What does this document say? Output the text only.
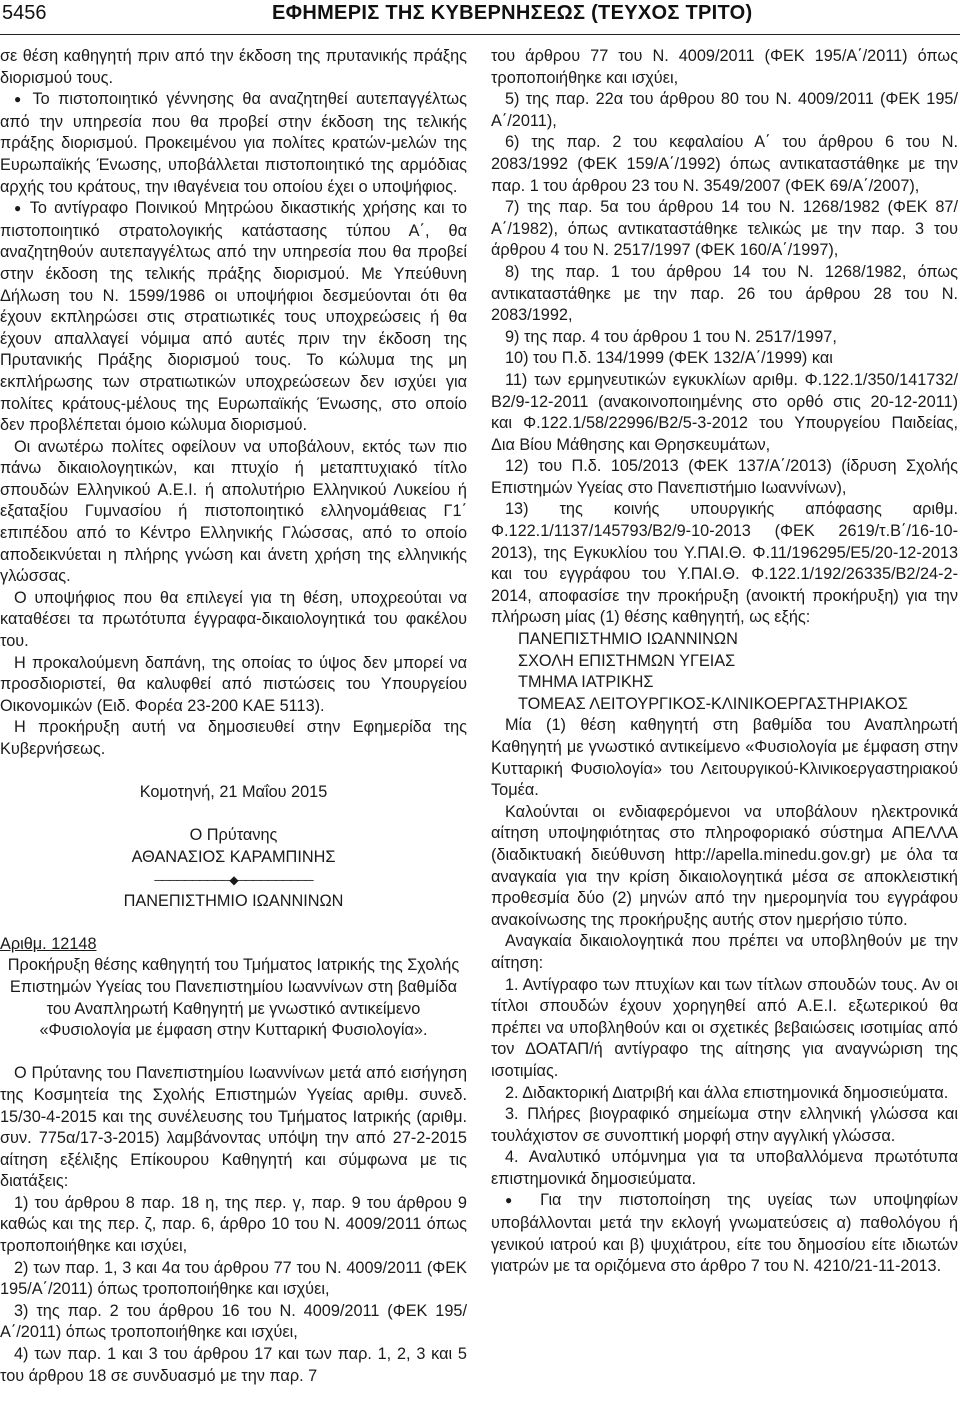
5456	ΕΦΗΜΕΡΙΣ ΤΗΣ ΚΥΒΕΡΝΗΣΕΩΣ (ΤΕΥΧΟΣ ΤΡΙΤΟ)

σε θέση καθηγητή πριν από την έκδοση της πρυτανικής πράξης διορισμού τους.

● Το πιστοποιητικό γέννησης θα αναζητηθεί αυτεπαγγέλτως από την υπηρεσία που θα προβεί στην έκδοση της τελικής πράξης διορισμού. Προκειμένου για πολίτες κρατών-μελών της Ευρωπαϊκής Ένωσης, υποβάλλεται πιστοποιητικό της αρμόδιας αρχής του κράτους, την ιθαγένεια του οποίου έχει ο υποψήφιος.

● Το αντίγραφο Ποινικού Μητρώου δικαστικής χρήσης και το πιστοποιητικό στρατολογικής κατάστασης τύπου Α΄, θα αναζητηθούν αυτεπαγγέλτως από την υπηρεσία που θα προβεί στην έκδοση της τελικής πράξης διορισμού. Με Υπεύθυνη Δήλωση του Ν. 1599/1986 οι υποψήφιοι δεσμεύονται ότι θα έχουν εκπληρώσει στις στρατιωτικές τους υποχρεώσεις ή θα έχουν απαλλαγεί νόμιμα από αυτές πριν την έκδοση της Πρυτανικής Πράξης διορισμού τους. Το κώλυμα της μη εκπλήρωσης των στρατιωτικών υποχρεώσεων δεν ισχύει για πολίτες κράτους-μέλους της Ευρωπαϊκής Ένωσης, στο οποίο δεν προβλέπεται όμοιο κώλυμα διορισμού.

Οι ανωτέρω πολίτες οφείλουν να υποβάλουν, εκτός των πιο πάνω δικαιολογητικών, και πτυχίο ή μεταπτυχιακό τίτλο σπουδών Ελληνικού Α.Ε.Ι. ή απολυτήριο Ελληνικού Λυκείου ή εξαταξίου Γυμνασίου ή πιστοποιητικό ελληνομάθειας Γ1΄ επιπέδου από το Κέντρο Ελληνικής Γλώσσας, από το οποίο αποδεικνύεται η πλήρης γνώση και άνετη χρήση της ελληνικής γλώσσας.

Ο υποψήφιος που θα επιλεγεί για τη θέση, υποχρεούται να καταθέσει τα πρωτότυπα έγγραφα-δικαιολογητικά του φακέλου του.

Η προκαλούμενη δαπάνη, της οποίας το ύψος δεν μπορεί να προσδιοριστεί, θα καλυφθεί από πιστώσεις του Υπουργείου Οικονομικών (Ειδ. Φορέα 23-200 ΚΑΕ 5113).

Η προκήρυξη αυτή να δημοσιευθεί στην Εφημερίδα της Κυβερνήσεως.

Κομοτηνή, 21 Μαΐου 2015

Ο Πρύτανης

ΑΘΑΝΑΣΙΟΣ ΚΑΡΑΜΠΙΝΗΣ

──────────◆──────────

ΠΑΝΕΠΙΣΤΗΜΙΟ ΙΩΑΝΝΙΝΩΝ

Αριθμ. 12148

Προκήρυξη θέσης καθηγητή του Τμήματος Ιατρικής της Σχολής Επιστημών Υγείας του Πανεπιστημίου Ιωαννίνων στη βαθμίδα του Αναπληρωτή Καθηγητή με γνωστικό αντικείμενο «Φυσιολογία με έμφαση στην Κυτταρική Φυσιολογία».

Ο Πρύτανης του Πανεπιστημίου Ιωαννίνων μετά από εισήγηση της Κοσμητεία της Σχολής Επιστημών Υγείας αριθμ. συνεδ. 15/30-4-2015 και της συνέλευσης του Τμήματος Ιατρικής (αριθμ. συν. 775α/17-3-2015) λαμβάνοντας υπόψη την από 27-2-2015 αίτηση εξέλιξης Επίκουρου Καθηγητή και σύμφωνα με τις διατάξεις:

1) του άρθρου 8 παρ. 18 η, της περ. γ, παρ. 9 του άρθρου 9 καθώς και της περ. ζ, παρ. 6, άρθρο 10 του Ν. 4009/2011 όπως τροποποιήθηκε και ισχύει,

2) των παρ. 1, 3 και 4α του άρθρου 77 του Ν. 4009/2011 (ΦΕΚ 195/Α΄/2011) όπως τροποποιήθηκε και ισχύει,

3) της παρ. 2 του άρθρου 16 του Ν. 4009/2011 (ΦΕΚ 195/Α΄/2011) όπως τροποποιήθηκε και ισχύει,

4) των παρ. 1 και 3 του άρθρου 17 και των παρ. 1, 2, 3 και 5 του άρθρου 18 σε συνδυασμό με την παρ. 7

του άρθρου 77 του Ν. 4009/2011 (ΦΕΚ 195/Α΄/2011) όπως τροποποιήθηκε και ισχύει,

5) της παρ. 22α του άρθρου 80 του Ν. 4009/2011 (ΦΕΚ 195/Α΄/2011),

6) της παρ. 2 του κεφαλαίου Α΄ του άρθρου 6 του Ν. 2083/1992 (ΦΕΚ 159/Α΄/1992) όπως αντικαταστάθηκε με την παρ. 1 του άρθρου 23 του Ν. 3549/2007 (ΦΕΚ 69/Α΄/2007),

7) της παρ. 5α του άρθρου 14 του Ν. 1268/1982 (ΦΕΚ 87/Α΄/1982), όπως αντικαταστάθηκε τελικώς με την παρ. 3 του άρθρου 4 του Ν. 2517/1997 (ΦΕΚ 160/Α΄/1997),

8) της παρ. 1 του άρθρου 14 του Ν. 1268/1982, όπως αντικαταστάθηκε με την παρ. 26 του άρθρου 28 του Ν. 2083/1992,

9) της παρ. 4 του άρθρου 1 του Ν. 2517/1997,

10) του Π.δ. 134/1999 (ΦΕΚ 132/Α΄/1999) και

11) των ερμηνευτικών εγκυκλίων αριθμ. Φ.122.1/350/141732/Β2/9-12-2011 (ανακοινοποιημένης στο ορθό στις 20-12-2011) και Φ.122.1/58/22996/Β2/5-3-2012 του Υπουργείου Παιδείας, Δια Βίου Μάθησης και Θρησκευμάτων,

12) του Π.δ. 105/2013 (ΦΕΚ 137/Α΄/2013) (ίδρυση Σχολής Επιστημών Υγείας στο Πανεπιστήμιο Ιωαννίνων),

13) της κοινής υπουργικής απόφασης αριθμ. Φ.122.1/1137/145793/Β2/9-10-2013 (ΦΕΚ 2619/τ.Β΄/16-10-2013), της Εγκυκλίου του Υ.ΠΑΙ.Θ. Φ.11/196295/Ε5/20-12-2013 και του εγγράφου του Υ.ΠΑΙ.Θ. Φ.122.1/192/26335/Β2/24-2-2014, αποφασίσε την προκήρυξη (ανοικτή προκήρυξη) για την πλήρωση μίας (1) θέσης καθηγητή, ως εξής:

ΠΑΝΕΠΙΣΤΗΜΙΟ ΙΩΑΝΝΙΝΩΝ

ΣΧΟΛΗ ΕΠΙΣΤΗΜΩΝ ΥΓΕΙΑΣ

ΤΜΗΜΑ ΙΑΤΡΙΚΗΣ

ΤΟΜΕΑΣ ΛΕΙΤΟΥΡΓΙΚΟΣ-ΚΛΙΝΙΚΟΕΡΓΑΣΤΗΡΙΑΚΟΣ

Μία (1) θέση καθηγητή στη βαθμίδα του Αναπληρωτή Καθηγητή με γνωστικό αντικείμενο «Φυσιολογία με έμφαση στην Κυτταρική Φυσιολογία» του Λειτουργικού-Κλινικοεργαστηριακού Τομέα.

Καλούνται οι ενδιαφερόμενοι να υποβάλουν ηλεκτρονικά αίτηση υποψηφιότητας στο πληροφοριακό σύστημα ΑΠΕΛΛΑ (διαδικτυακή διεύθυνση http://apella.minedu.gov.gr) με όλα τα αναγκαία για την κρίση δικαιολογητικά μέσα σε αποκλειστική προθεσμία δύο (2) μηνών από την ημερομηνία του εγγράφου ανακοίνωσης της προκήρυξης αυτής στον ημερήσιο τύπο.

Αναγκαία δικαιολογητικά που πρέπει να υποβληθούν με την αίτηση:

1. Αντίγραφο των πτυχίων και των τίτλων σπουδών τους. Αν οι τίτλοι σπουδών έχουν χορηγηθεί από Α.Ε.Ι. εξωτερικού θα πρέπει να υποβληθούν και οι σχετικές βεβαιώσεις ισοτιμίας από τον ΔΟΑΤΑΠ/ή αντίγραφο της αίτησης για αναγνώριση της ισοτιμίας.

2. Διδακτορική Διατριβή και άλλα επιστημονικά δημοσιεύματα.

3. Πλήρες βιογραφικό σημείωμα στην ελληνική γλώσσα και τουλάχιστον σε συνοπτική μορφή στην αγγλική γλώσσα.

4. Αναλυτικό υπόμνημα για τα υποβαλλόμενα πρωτότυπα επιστημονικά δημοσιεύματα.

● Για την πιστοποίηση της υγείας των υποψηφίων υποβάλλονται μετά την εκλογή γνωματεύσεις α) παθολόγου ή γενικού ιατρού και β) ψυχιάτρου, είτε του δημοσίου είτε ιδιωτών γιατρών με τα οριζόμενα στο άρθρο 7 του Ν. 4210/21-11-2013.
